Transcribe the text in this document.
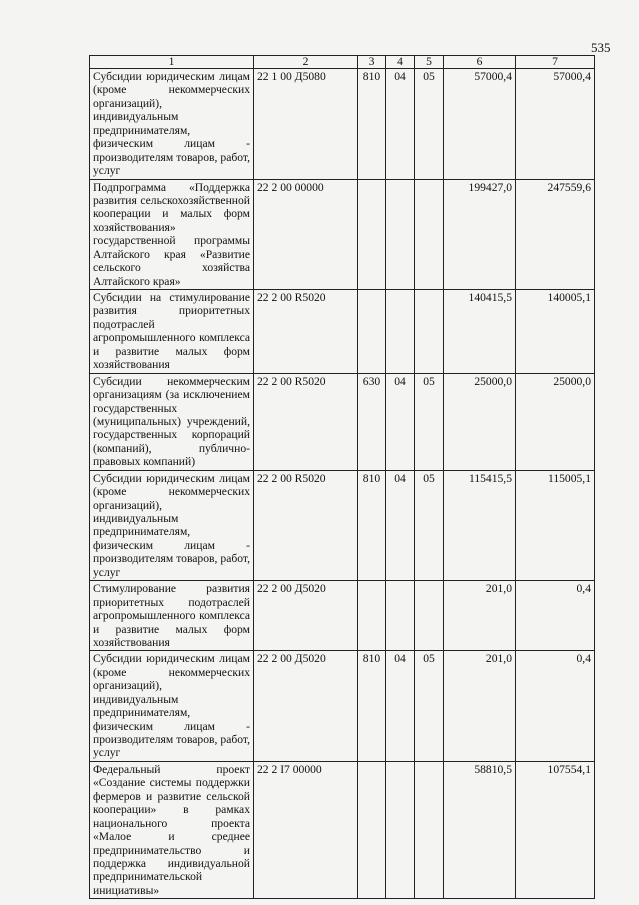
535
1	2	3	4	5	6	7
Субсидии юридическим лицам (кроме некоммерческих организаций), индивидуальным предпринимателям, физическим лицам - производителям товаров, работ, услуг	22 1 00 Д5080	810	04	05	57000,4	57000,4
Подпрограмма «Поддержка развития сельскохозяйственной кооперации и малых форм хозяйствования» государственной программы Алтайского края «Развитие сельского хозяйства Алтайского края»	22 2 00 00000				199427,0	247559,6
Субсидии на стимулирование развития приоритетных подотраслей агропромышленного комплекса и развитие малых форм хозяйствования	22 2 00 R5020				140415,5	140005,1
Субсидии некоммерческим организациям (за исключением государственных (муниципальных) учреждений, государственных корпораций (компаний), публично-правовых компаний)	22 2 00 R5020	630	04	05	25000,0	25000,0
Субсидии юридическим лицам (кроме некоммерческих организаций), индивидуальным предпринимателям, физическим лицам - производителям товаров, работ, услуг	22 2 00 R5020	810	04	05	115415,5	115005,1
Стимулирование развития приоритетных подотраслей агропромышленного комплекса и развитие малых форм хозяйствования	22 2 00 Д5020				201,0	0,4
Субсидии юридическим лицам (кроме некоммерческих организаций), индивидуальным предпринимателям, физическим лицам - производителям товаров, работ, услуг	22 2 00 Д5020	810	04	05	201,0	0,4
Федеральный проект «Создание системы поддержки фермеров и развитие сельской кооперации» в рамках национального проекта «Малое и среднее предпринимательство и поддержка индивидуальной предпринимательской инициативы»	22 2 I7 00000				58810,5	107554,1
